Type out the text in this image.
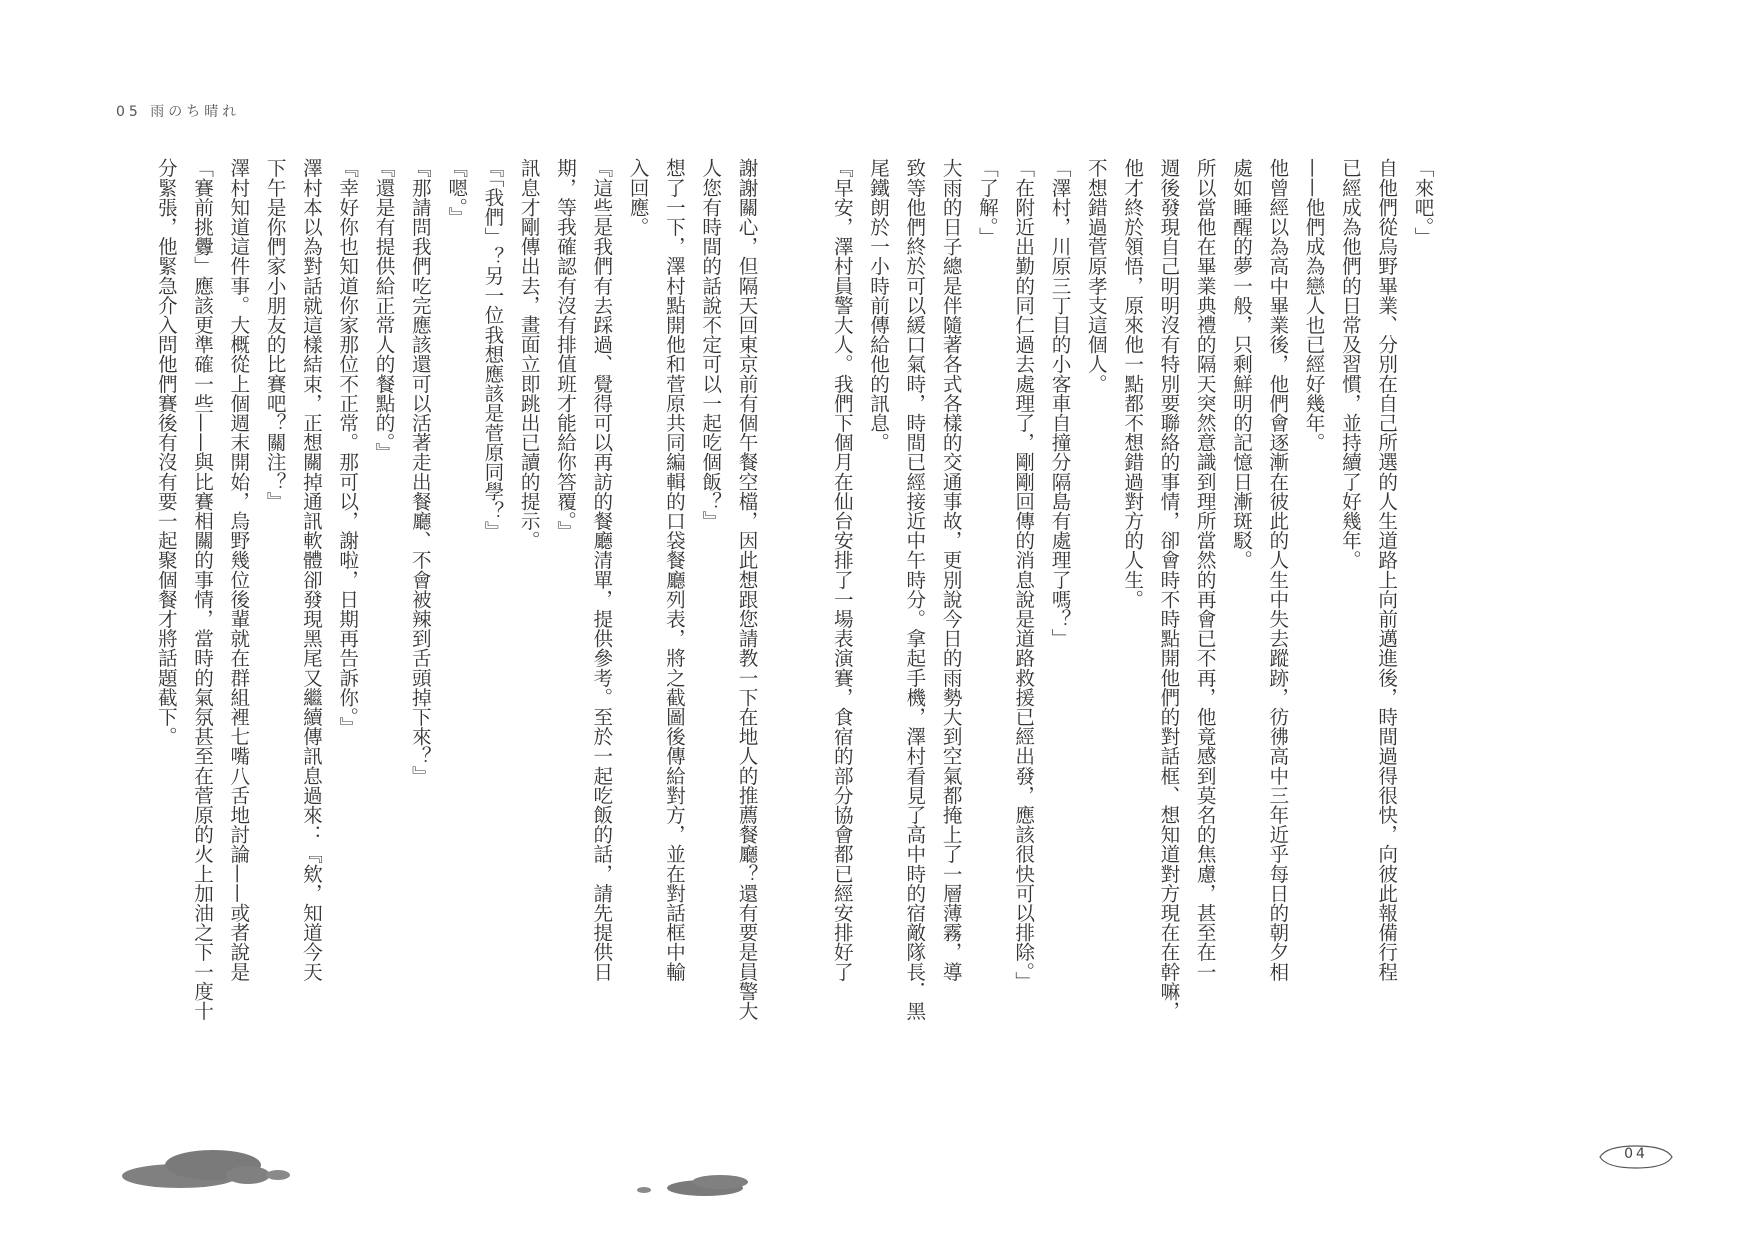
05 雨のち晴れ

「來吧。」

自他們從烏野畢業、分別在自己所選的人生道路上向前邁進後，時間過得很快，向彼此報備行程

已經成為他們的日常及習慣，並持續了好幾年。

——他們成為戀人也已經好幾年。

他曾經以為高中畢業後，他們會逐漸在彼此的人生中失去蹤跡，彷彿高中三年近乎每日的朝夕相

處如睡醒的夢一般，只剩鮮明的記憶日漸斑駁。

所以當他在畢業典禮的隔天突然意識到理所當然的再會已不再，他竟感到莫名的焦慮，甚至在一

週後發現自己明明沒有特別要聯絡的事情，卻會時不時點開他們的對話框、想知道對方現在在幹嘛，

他才終於領悟，原來他一點都不想錯過對方的人生。

不想錯過菅原孝支這個人。

「澤村，川原三丁目的小客車自撞分隔島有處理了嗎？」

「在附近出勤的同仁過去處理了，剛剛回傳的消息說是道路救援已經出發，應該很快可以排除。」

「了解。」

大雨的日子總是伴隨著各式各樣的交通事故，更別說今日的雨勢大到空氣都掩上了一層薄霧，導

致等他們終於可以緩口氣時，時間已經接近中午時分。拿起手機，澤村看見了高中時的宿敵隊長．黑

尾鐵朗於一小時前傳給他的訊息。

『早安，澤村員警大人。我們下個月在仙台安排了一場表演賽，食宿的部分協會都已經安排好了

謝謝關心，但隔天回東京前有個午餐空檔，因此想跟您請教一下在地人的推薦餐廳？還有要是員警大

人您有時間的話說不定可以一起吃個飯？』

想了一下，澤村點開他和菅原共同編輯的口袋餐廳列表，將之截圖後傳給對方，並在對話框中輸

入回應。

『這些是我們有去踩過、覺得可以再訪的餐廳清單，提供參考。至於一起吃飯的話，請先提供日

期，等我確認有沒有排值班才能給你答覆。』

訊息才剛傳出去，畫面立即跳出已讀的提示。

『「我們」？另一位我想應該是菅原同學？』

『嗯。』

『那請問我們吃完應該還可以活著走出餐廳、不會被辣到舌頭掉下來？』

『還是有提供給正常人的餐點的。』

『幸好你也知道你家那位不正常。那可以，謝啦，日期再告訴你。』

澤村本以為對話就這樣結束，正想關掉通訊軟體卻發現黑尾又繼續傳訊息過來：『欸，知道今天

下午是你們家小朋友的比賽吧？關注？』

澤村知道這件事。大概從上個週末開始，烏野幾位後輩就在群組裡七嘴八舌地討論——或者說是

「賽前挑釁」應該更準確一些——與比賽相關的事情，當時的氣氛甚至在菅原的火上加油之下一度十

分緊張，他緊急介入問他們賽後有沒有要一起聚個餐才將話題截下。

04
